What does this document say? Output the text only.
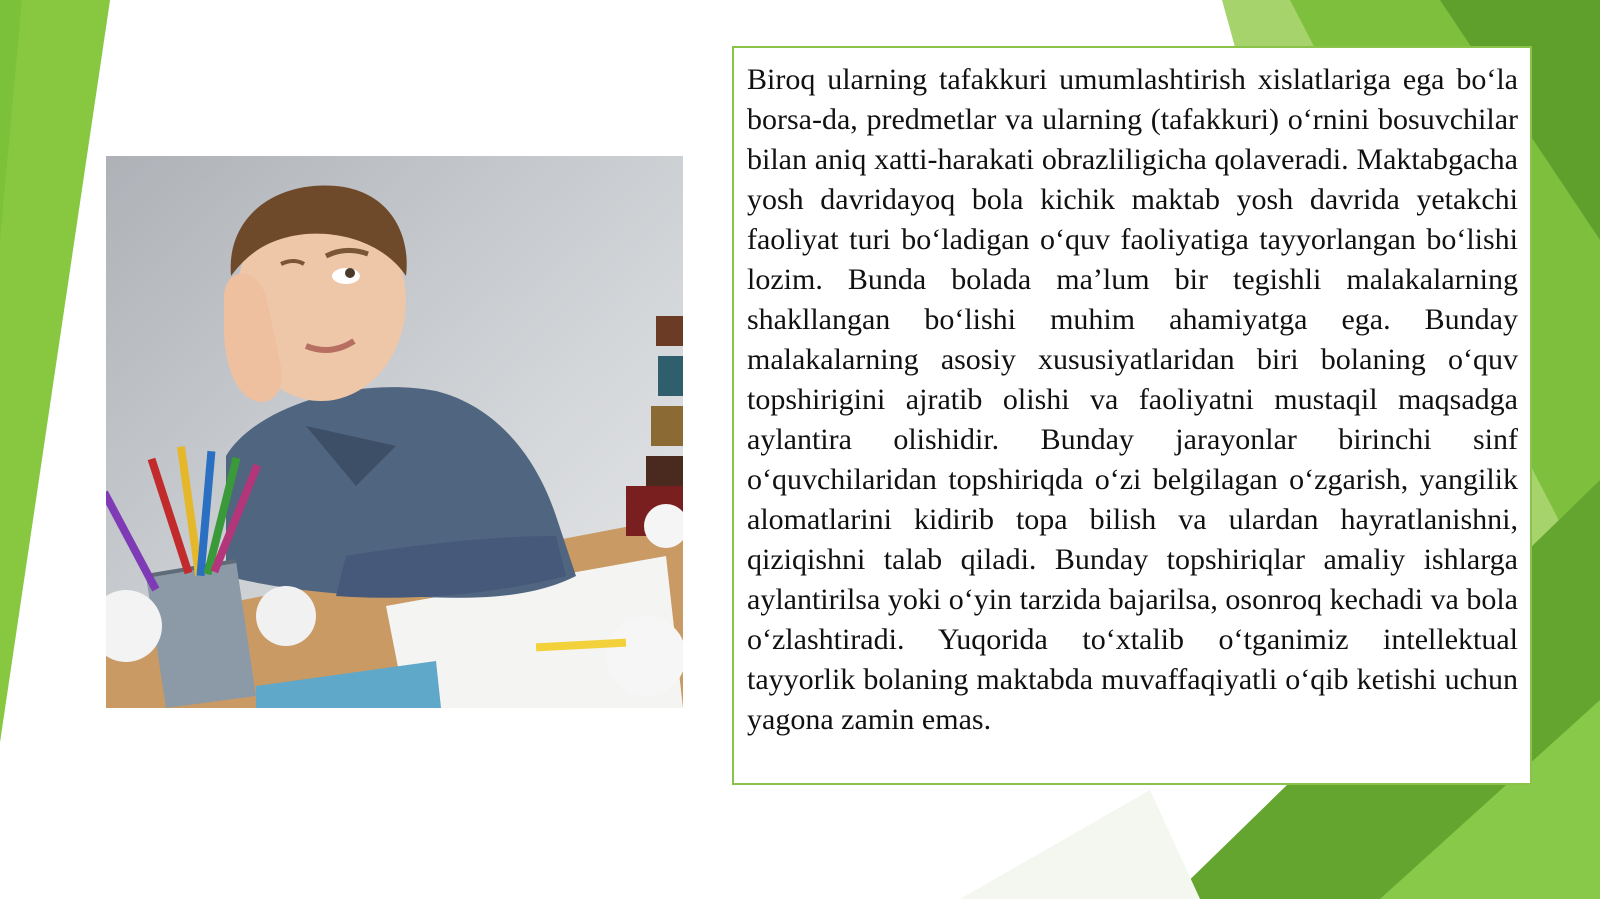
Biroq ularning tafakkuri umumlashtirish xislatlariga ega bo‘la borsa-da, predmetlar va ularning (tafakkuri) o‘rnini bosuvchilar bilan aniq xatti-harakati obrazliligicha qolaveradi. Maktabgacha yosh davridayoq bola kichik maktab yosh davrida yetakchi faoliyat turi bo‘ladigan o‘quv faoliyatiga tayyorlangan bo‘lishi lozim. Bunda bolada ma’lum bir tegishli malakalarning shakllangan bo‘lishi muhim ahamiyatga ega. Bunday malakalarning asosiy xususiyatlaridan biri bolaning o‘quv topshirigini ajratib olishi va faoliyatni mustaqil maqsadga aylantira olishidir. Bunday jarayonlar birinchi sinf o‘quvchilaridan topshiriqda o‘zi belgilagan o‘zgarish, yangilik alomatlarini kidirib topa bilish va ulardan hayratlanishni, qiziqishni talab qiladi. Bunday topshiriqlar amaliy ishlarga aylantirilsa yoki o‘yin tarzida bajarilsa, osonroq kechadi va bola o‘zlashtiradi. Yuqorida to‘xtalib o‘tganimiz intellektual tayyorlik bolaning maktabda muvaffaqiyatli o‘qib ketishi uchun yagona zamin emas.
